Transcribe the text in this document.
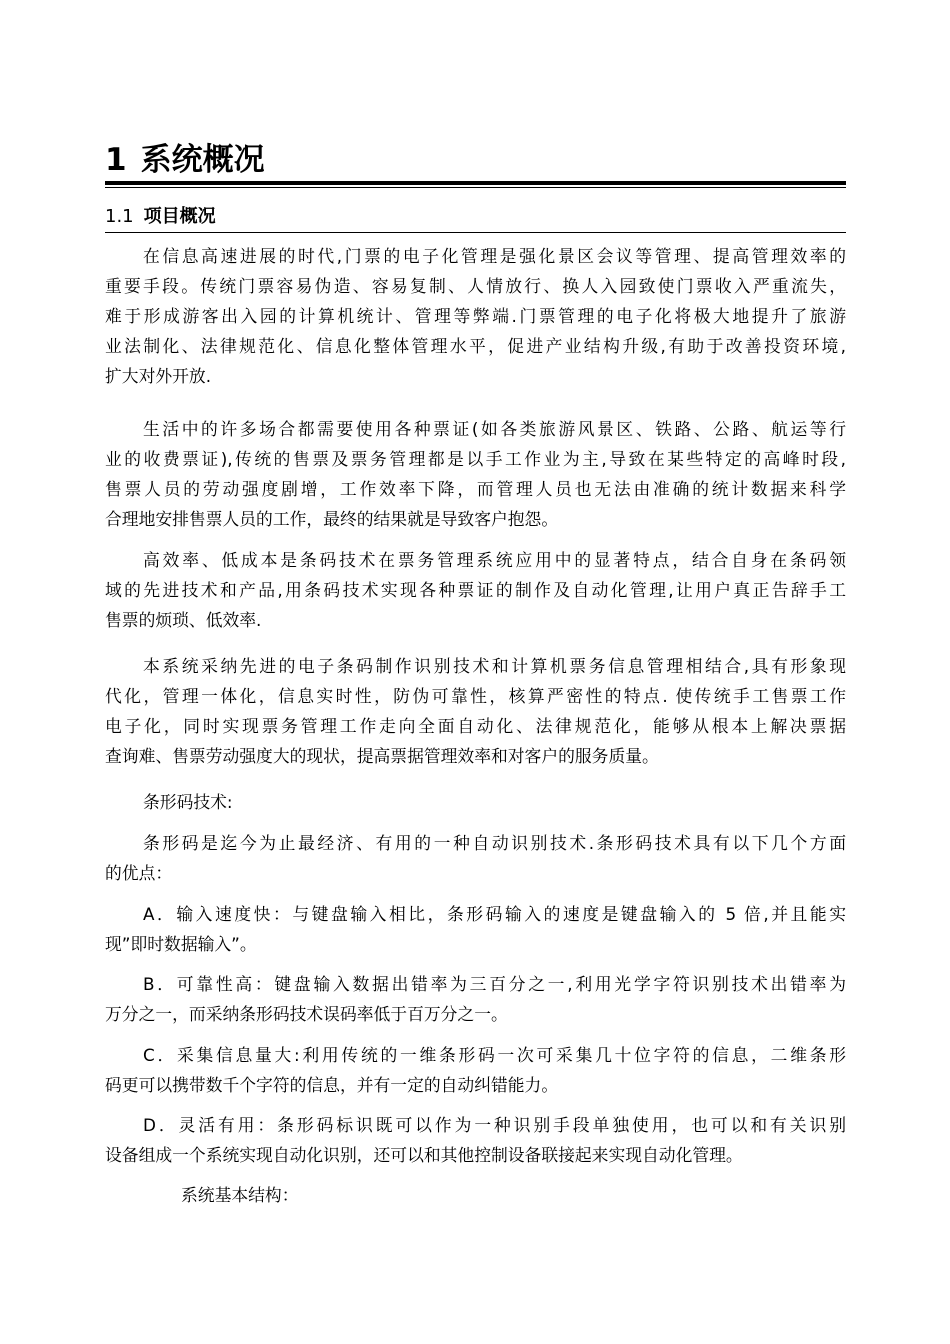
1 系统概况
1.1 项目概况
在信息高速进展的时代,门票的电子化管理是强化景区会议等管理、提高管理效率的
重要手段。传统门票容易伪造、容易复制、人情放行、换人入园致使门票收入严重流失，
难于形成游客出入园的计算机统计、管理等弊端.门票管理的电子化将极大地提升了旅游
业法制化、法律规范化、信息化整体管理水平，促进产业结构升级,有助于改善投资环境,
扩大对外开放.
生活中的许多场合都需要使用各种票证(如各类旅游风景区、铁路、公路、航运等行
业的收费票证),传统的售票及票务管理都是以手工作业为主,导致在某些特定的高峰时段,
售票人员的劳动强度剧增，工作效率下降，而管理人员也无法由准确的统计数据来科学
合理地安排售票人员的工作，最终的结果就是导致客户抱怨。
高效率、低成本是条码技术在票务管理系统应用中的显著特点，结合自身在条码领
域的先进技术和产品,用条码技术实现各种票证的制作及自动化管理,让用户真正告辞手工
售票的烦琐、低效率.
本系统采纳先进的电子条码制作识别技术和计算机票务信息管理相结合,具有形象现
代化，管理一体化，信息实时性，防伪可靠性，核算严密性的特点. 使传统手工售票工作
电子化，同时实现票务管理工作走向全面自动化、法律规范化，能够从根本上解决票据
查询难、售票劳动强度大的现状，提高票据管理效率和对客户的服务质量。
条形码技术:
条形码是迄今为止最经济、有用的一种自动识别技术.条形码技术具有以下几个方面
的优点：
A．输入速度快：与键盘输入相比，条形码输入的速度是键盘输入的 5 倍,并且能实
现”即时数据输入”。
B．可靠性高：键盘输入数据出错率为三百分之一,利用光学字符识别技术出错率为
万分之一，而采纳条形码技术误码率低于百万分之一。
C．采集信息量大:利用传统的一维条形码一次可采集几十位字符的信息，二维条形
码更可以携带数千个字符的信息，并有一定的自动纠错能力。
D．灵活有用：条形码标识既可以作为一种识别手段单独使用，也可以和有关识别
设备组成一个系统实现自动化识别，还可以和其他控制设备联接起来实现自动化管理。
系统基本结构：
